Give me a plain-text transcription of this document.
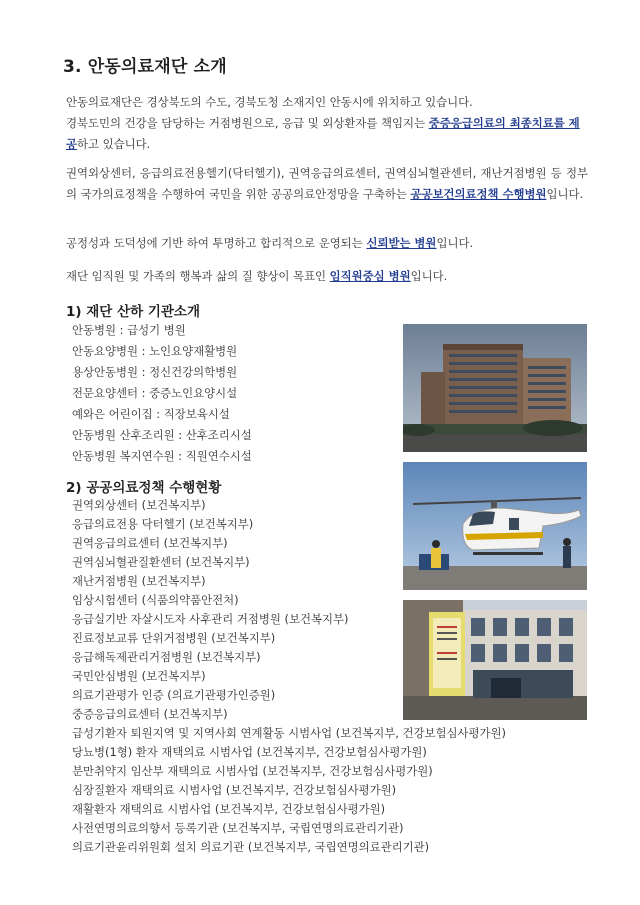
3. 안동의료재단 소개
안동의료재단은 경상북도의 수도, 경북도청 소재지인 안동시에 위치하고 있습니다.
경북도민의 건강을 담당하는 거점병원으로, 응급 및 외상환자를 책임지는 중증응급의료의 최종치료를 제공하고 있습니다.
권역외상센터, 응급의료전용헬기(닥터헬기), 권역응급의료센터, 권역심뇌혈관센터, 재난거점병원 등 정부의 국가의료정책을 수행하여 국민을 위한 공공의료안정망을 구축하는 공공보건의료정책 수행병원입니다.
공정성과 도덕성에 기반 하여 투명하고 합리적으로 운영되는 신뢰받는 병원입니다.
재단 임직원 및 가족의 행복과 삶의 질 향상이 목표인 임직원중심 병원입니다.
1) 재단 산하 기관소개
안동병원 : 급성기 병원
안동요양병원 : 노인요양재활병원
용상안동병원 : 정신건강의학병원
전문요양센터 : 중증노인요양시설
예와은 어린이집 : 직장보육시설
안동병원 산후조리원 : 산후조리시설
안동병원 복지연수원 : 직원연수시설
2) 공공의료정책 수행현황
권역외상센터 (보건복지부)
응급의료전용 닥터헬기 (보건복지부)
권역응급의료센터 (보건복지부)
권역심뇌혈관질환센터 (보건복지부)
재난거점병원 (보건복지부)
임상시험센터 (식품의약품안전처)
응급실기반 자살시도자 사후관리 거점병원 (보건복지부)
진료정보교류 단위거점병원 (보건복지부)
응급해독제관리거점병원 (보건복지부)
국민안심병원 (보건복지부)
의료기관평가 인증 (의료기관평가인증원)
중증응급의료센터 (보건복지부)
급성기환자 퇴원지역 및 지역사회 연계활동 시범사업 (보건복지부, 건강보험심사평가원)
당뇨병(1형) 환자 재택의료 시범사업 (보건복지부, 건강보험심사평가원)
분만취약지 임산부 재택의료 시범사업 (보건복지부, 건강보험심사평가원)
심장질환자 재택의료 시범사업 (보건복지부, 건강보험심사평가원)
재활환자 재택의료 시범사업 (보건복지부, 건강보험심사평가원)
사전연명의료의향서 등록기관 (보건복지부, 국립연명의료관리기관)
의료기관윤리위원회 설치 의료기관 (보건복지부, 국립연명의료관리기관)
